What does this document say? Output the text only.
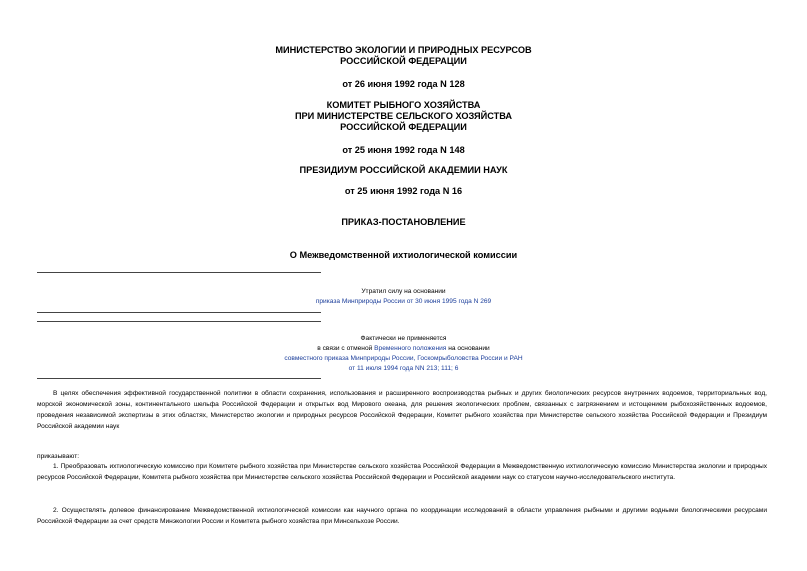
МИНИСТЕРСТВО ЭКОЛОГИИ И ПРИРОДНЫХ РЕСУРСОВ
РОССИЙСКОЙ ФЕДЕРАЦИИ
от 26 июня 1992 года N 128
КОМИТЕТ РЫБНОГО ХОЗЯЙСТВА
ПРИ МИНИСТЕРСТВЕ СЕЛЬСКОГО ХОЗЯЙСТВА
РОССИЙСКОЙ ФЕДЕРАЦИИ
от 25 июня 1992 года N 148
ПРЕЗИДИУМ РОССИЙСКОЙ АКАДЕМИИ НАУК
от 25 июня 1992 года N 16
ПРИКАЗ-ПОСТАНОВЛЕНИЕ
О Межведомственной ихтиологической комиссии
Утратил силу на основании
приказа Минприроды России от 30 июня 1995 года N 269
Фактически не применяется
в связи с отменой Временного положения на основании
совместного приказа Минприроды России, Госкомрыболовства России и РАН
от 11 июля 1994 года NN 213; 111; 6
В целях обеспечения эффективной государственной политики в области сохранения, использования и расширенного воспроизводства рыбных и других биологических ресурсов внутренних водоемов, территориальных вод, морской экономической зоны, континентального шельфа Российской Федерации и открытых вод Мирового океана, для решения экологических проблем, связанных с загрязнением и истощением рыбохозяйственных водоемов, проведения независимой экспертизы в этих областях, Министерство экологии и природных ресурсов Российской Федерации, Комитет рыбного хозяйства при Министерстве сельского хозяйства Российской Федерации и Президиум Российской академии наук
приказывают:
1. Преобразовать ихтиологическую комиссию при Комитете рыбного хозяйства при Министерстве сельского хозяйства Российской Федерации в Межведомственную ихтиологическую комиссию Министерства экологии и природных ресурсов Российской Федерации, Комитета рыбного хозяйства при Министерстве сельского хозяйства Российской Федерации и Российской академии наук со статусом научно-исследовательского института.
2. Осуществлять долевое финансирование Межведомственной ихтиологической комиссии как научного органа по координации исследований в области управления рыбными и другими водными биологическими ресурсами Российской Федерации за счет средств Минэкологии России и Комитета рыбного хозяйства при Минсельхозе России.
